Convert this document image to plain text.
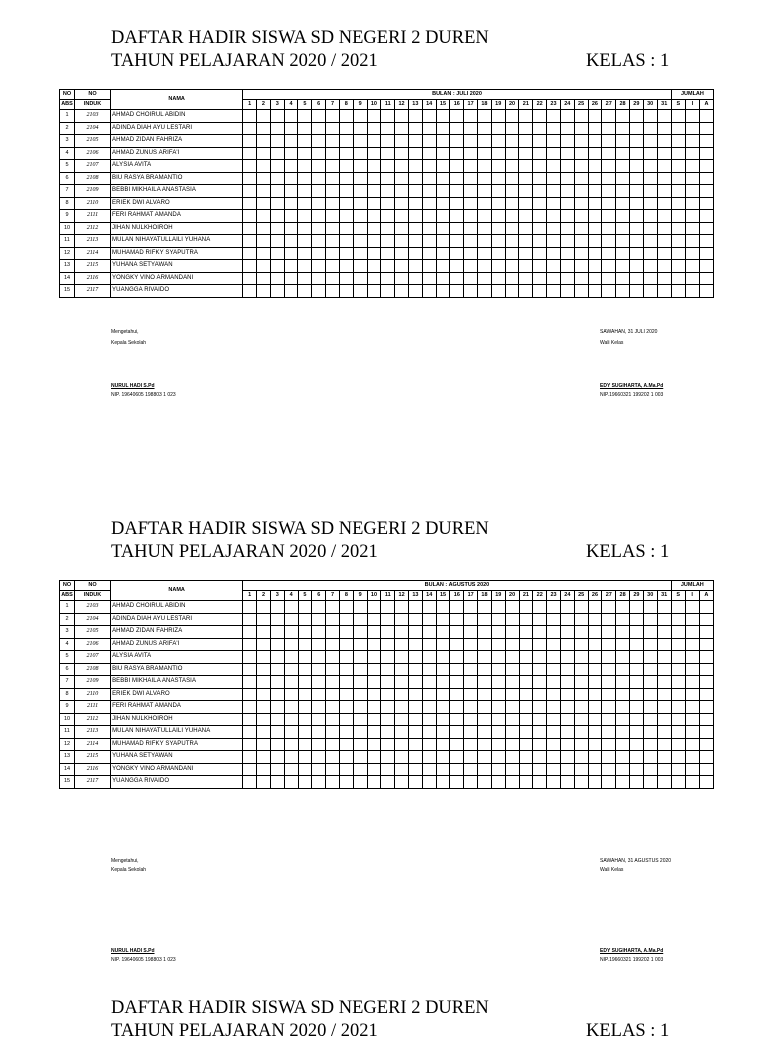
DAFTAR HADIR SISWA SD NEGERI 2 DUREN
TAHUN PELAJARAN 2020 / 2021	KELAS : 1
NO	NO	NAMA	BULAN : JULI 2020																															JUMLAH		
ABS	INDUK		1	2	3	4	5	6	7	8	9	10	11	12	13	14	15	16	17	18	19	20	21	22	23	24	25	26	27	28	29	30	31	S	I	A
1	2103	AHMAD CHOIRUL ABIDIN																																		
2	2104	ADINDA DIAH AYU LESTARI																																		
3	2105	AHMAD ZIDAN FAHRIZA																																		
4	2106	AHMAD ZUNUS ARIFA'I																																		
5	2107	ALYSIA AVITA																																		
6	2108	BIU RASYA BRAMANTIO																																		
7	2109	BEBBI MIKHAILA ANASTASIA																																		
8	2110	ERIEK DWI ALVARO																																		
9	2111	FERI RAHMAT AMANDA																																		
10	2112	JIHAN NULKHOIROH																																		
11	2113	MULAN NIHAYATULLAILI YUHANA																																		
12	2114	MUHAMAD RIFKY SYAPUTRA																																		
13	2115	YUHANA SETYAWAN																																		
14	2116	YONGKY VINO ARMANDANI																																		
15	2117	YUANGGA RIVAIDO																																		
Mengetahui,
Kepala Sekolah
NURUL HADI S.Pd
NIP. 19640605 198803 1 023
SAWAHAN, 31 JULI 2020
Wali Kelas
EDY SUGIHARTA, A.Ma.Pd
NIP.19660321 199202 1 003
DAFTAR HADIR SISWA SD NEGERI 2 DUREN
TAHUN PELAJARAN 2020 / 2021	KELAS : 1
NO	NO	NAMA	BULAN : AGUSTUS 2020																															JUMLAH		
ABS	INDUK		1	2	3	4	5	6	7	8	9	10	11	12	13	14	15	16	17	18	19	20	21	22	23	24	25	26	27	28	29	30	31	S	I	A
1	2103	AHMAD CHOIRUL ABIDIN																																		
2	2104	ADINDA DIAH AYU LESTARI																																		
3	2105	AHMAD ZIDAN FAHRIZA																																		
4	2106	AHMAD ZUNUS ARIFA'I																																		
5	2107	ALYSIA AVITA																																		
6	2108	BIU RASYA BRAMANTIO																																		
7	2109	BEBBI MIKHAILA ANASTASIA																																		
8	2110	ERIEK DWI ALVARO																																		
9	2111	FERI RAHMAT AMANDA																																		
10	2112	JIHAN NULKHOIROH																																		
11	2113	MULAN NIHAYATULLAILI YUHANA																																		
12	2114	MUHAMAD RIFKY SYAPUTRA																																		
13	2115	YUHANA SETYAWAN																																		
14	2116	YONGKY VINO ARMANDANI																																		
15	2117	YUANGGA RIVAIDO																																		
Mengetahui,
Kepala Sekolah
NURUL HADI S.Pd
NIP. 19640605 198803 1 023
SAWAHAN, 31 AGUSTUS 2020
Wali Kelas
EDY SUGIHARTA, A.Ma.Pd
NIP.19660321 199202 1 003
DAFTAR HADIR SISWA SD NEGERI 2 DUREN
TAHUN PELAJARAN 2020 / 2021	KELAS : 1
